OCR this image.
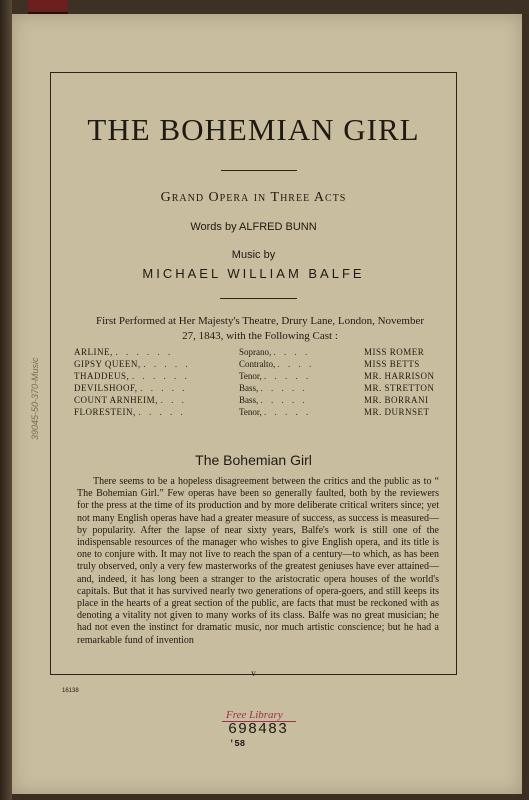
THE BOHEMIAN GIRL
Grand Opera in Three Acts
Words by ALFRED BUNN
Music by
MICHAEL WILLIAM BALFE
First Performed at Her Majesty's Theatre, Drury Lane, London, November 27, 1843, with the Following Cast :
ARLINE, . . . . . .	Soprano, . . . .	MISS ROMER
GIPSY QUEEN, . . . . .	Contralto, . . . .	MISS BETTS
THADDEUS, . . . . . .	Tenor, . . . . .	MR. HARRISON
DEVILSHOOF, . . . . .	Bass, . . . . .	MR. STRETTON
COUNT ARNHEIM, . . .	Bass, . . . . .	MR. BORRANI
FLORESTEIN, . . . . .	Tenor, . . . . .	MR. DURNSET
The Bohemian Girl

There seems to be a hopeless disagreement between the critics and the public as to “ The Bohemian Girl.” Few operas have been so generally faulted, both by the reviewers for the press at the time of its production and by more deliberate critical writers since; yet not many English operas have had a greater measure of success, as success is measured—by popularity. After the lapse of near sixty years, Balfe's work is still one of the indispensable resources of the manager who wishes to give English opera, and its title is one to conjure with. It may not live to reach the span of a century—to which, as has been truly observed, only a very few masterworks of the greatest geniuses have ever attained—and, indeed, it has long been a stranger to the aristocratic opera houses of the world's capitals. But that it has survived nearly two generations of opera-goers, and still keeps its place in the hearts of a great section of the public, are facts that must be reckoned with as denoting a vitality not given to many works of its class. Balfe was no great musician; he had not even the instinct for dramatic music, nor much artistic conscience; but he had a remarkable fund of invention

v
16138
39045-50-370-Music
Free Library
698483
'58
